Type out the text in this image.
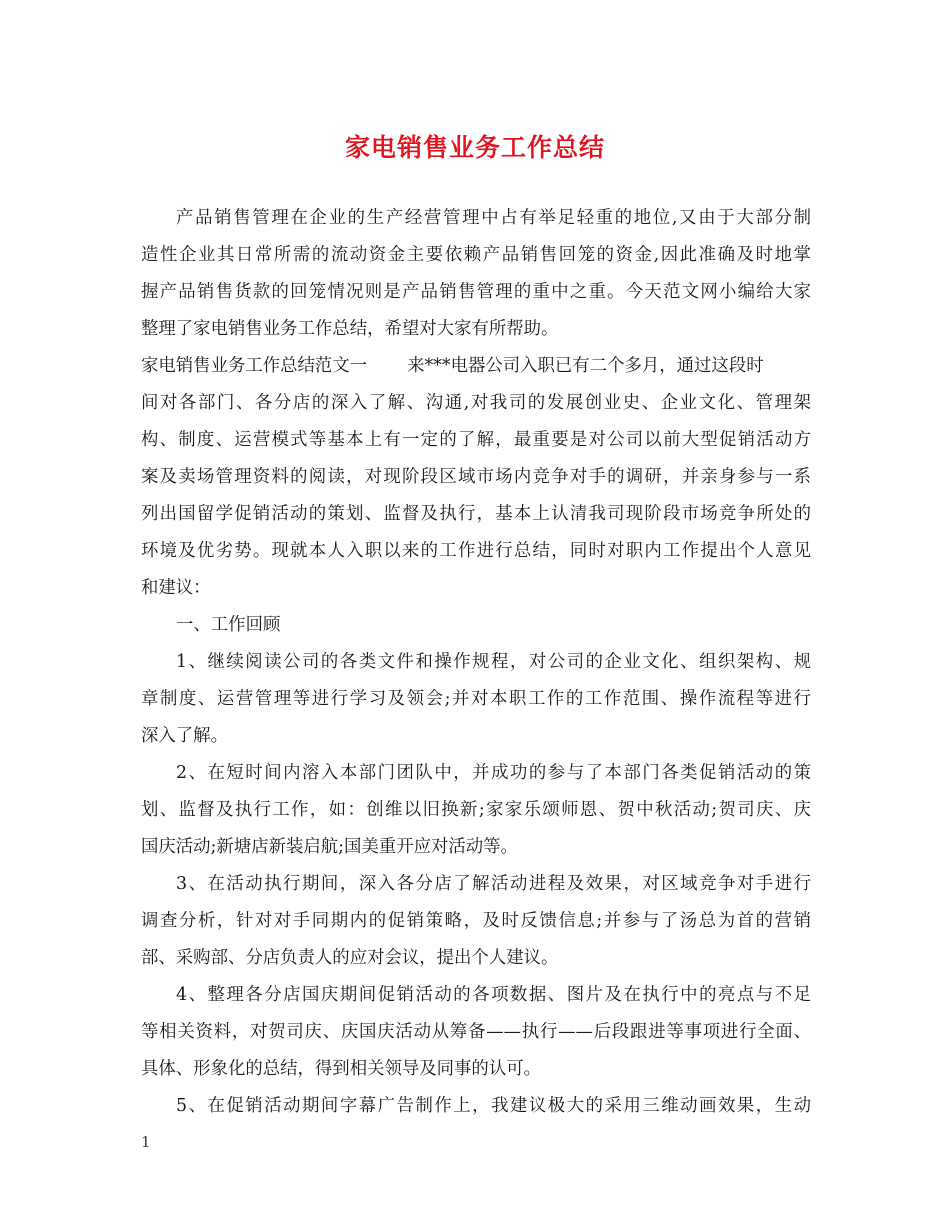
家电销售业务工作总结
产品销售管理在企业的生产经营管理中占有举足轻重的地位,又由于大部分制
造性企业其日常所需的流动资金主要依赖产品销售回笼的资金,因此准确及时地掌
握产品销售货款的回笼情况则是产品销售管理的重中之重。今天范文网小编给大家
整理了家电销售业务工作总结，希望对大家有所帮助。
家电销售业务工作总结范文一 来***电器公司入职已有二个多月，通过这段时
间对各部门、各分店的深入了解、沟通,对我司的发展创业史、企业文化、管理架
构、制度、运营模式等基本上有一定的了解，最重要是对公司以前大型促销活动方
案及卖场管理资料的阅读，对现阶段区域市场内竞争对手的调研，并亲身参与一系
列出国留学促销活动的策划、监督及执行，基本上认清我司现阶段市场竞争所处的
环境及优劣势。现就本人入职以来的工作进行总结，同时对职内工作提出个人意见
和建议：
一、工作回顾
1、继续阅读公司的各类文件和操作规程，对公司的企业文化、组织架构、规
章制度、运营管理等进行学习及领会;并对本职工作的工作范围、操作流程等进行
深入了解。
2、在短时间内溶入本部门团队中，并成功的参与了本部门各类促销活动的策
划、监督及执行工作，如：创维以旧换新;家家乐颂师恩、贺中秋活动;贺司庆、庆
国庆活动;新塘店新装启航;国美重开应对活动等。
3、在活动执行期间，深入各分店了解活动进程及效果，对区域竞争对手进行
调查分析，针对对手同期内的促销策略，及时反馈信息;并参与了汤总为首的营销
部、采购部、分店负责人的应对会议，提出个人建议。
4、整理各分店国庆期间促销活动的各项数据、图片及在执行中的亮点与不足
等相关资料，对贺司庆、庆国庆活动从筹备——执行——后段跟进等事项进行全面、
具体、形象化的总结，得到相关领导及同事的认可。
5、在促销活动期间字幕广告制作上，我建议极大的采用三维动画效果，生动
1
